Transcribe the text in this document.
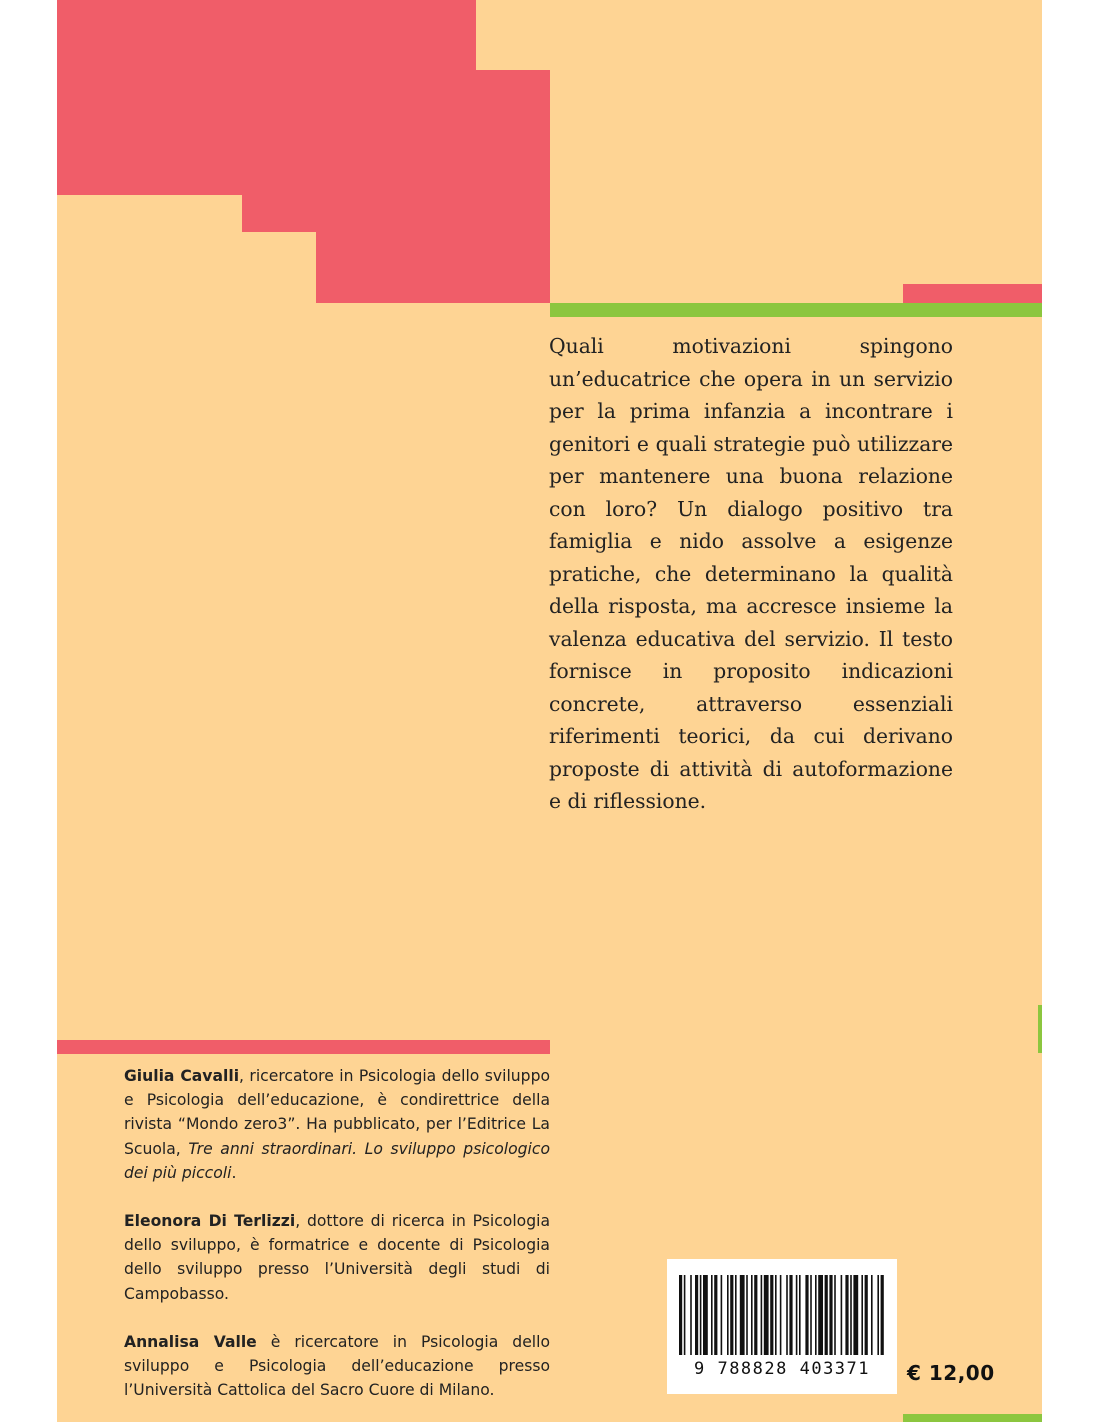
Quali motivazioni spingono un’educatrice che opera in un servizio per la prima infanzia a incontrare i genitori e quali strategie può utilizzare per mantenere una buona relazione con loro? Un dialogo positivo tra famiglia e nido assolve a esigenze pratiche, che determinano la qualità della risposta, ma accresce insieme la valenza educativa del servizio. Il testo fornisce in proposito indicazioni concrete, attraverso essenziali riferimenti teorici, da cui derivano proposte di attività di autoformazione e di riflessione.

Giulia Cavalli, ricercatore in Psicologia dello sviluppo e Psicologia dell’educazione, è condirettrice della rivista “Mondo zero3”. Ha pubblicato, per l’Editrice La Scuola, Tre anni straordinari. Lo sviluppo psicologico dei più piccoli.

Eleonora Di Terlizzi, dottore di ricerca in Psicologia dello sviluppo, è formatrice e docente di Psicologia dello sviluppo presso l’Università degli studi di Campobasso.

Annalisa Valle è ricercatore in Psicologia dello sviluppo e Psicologia dell’educazione presso l’Università Cattolica del Sacro Cuore di Milano.

9 788828 403371	€ 12,00
